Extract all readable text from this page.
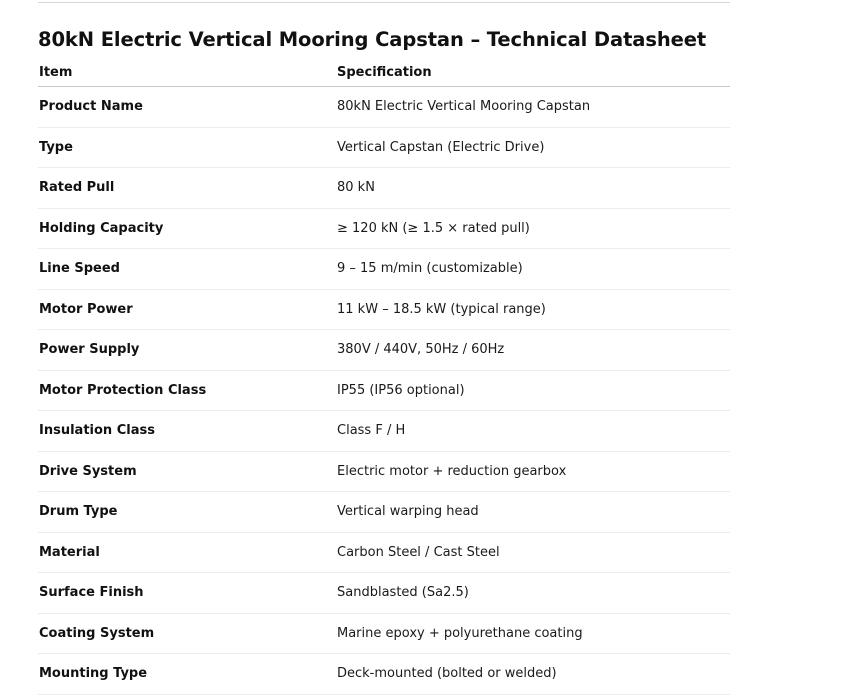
80kN Electric Vertical Mooring Capstan – Technical Datasheet
Item	Specification
Product Name	80kN Electric Vertical Mooring Capstan
Type	Vertical Capstan (Electric Drive)
Rated Pull	80 kN
Holding Capacity	≥ 120 kN (≥ 1.5 × rated pull)
Line Speed	9 – 15 m/min (customizable)
Motor Power	11 kW – 18.5 kW (typical range)
Power Supply	380V / 440V, 50Hz / 60Hz
Motor Protection Class	IP55 (IP56 optional)
Insulation Class	Class F / H
Drive System	Electric motor + reduction gearbox
Drum Type	Vertical warping head
Material	Carbon Steel / Cast Steel
Surface Finish	Sandblasted (Sa2.5)
Coating System	Marine epoxy + polyurethane coating
Mounting Type	Deck-mounted (bolted or welded)
